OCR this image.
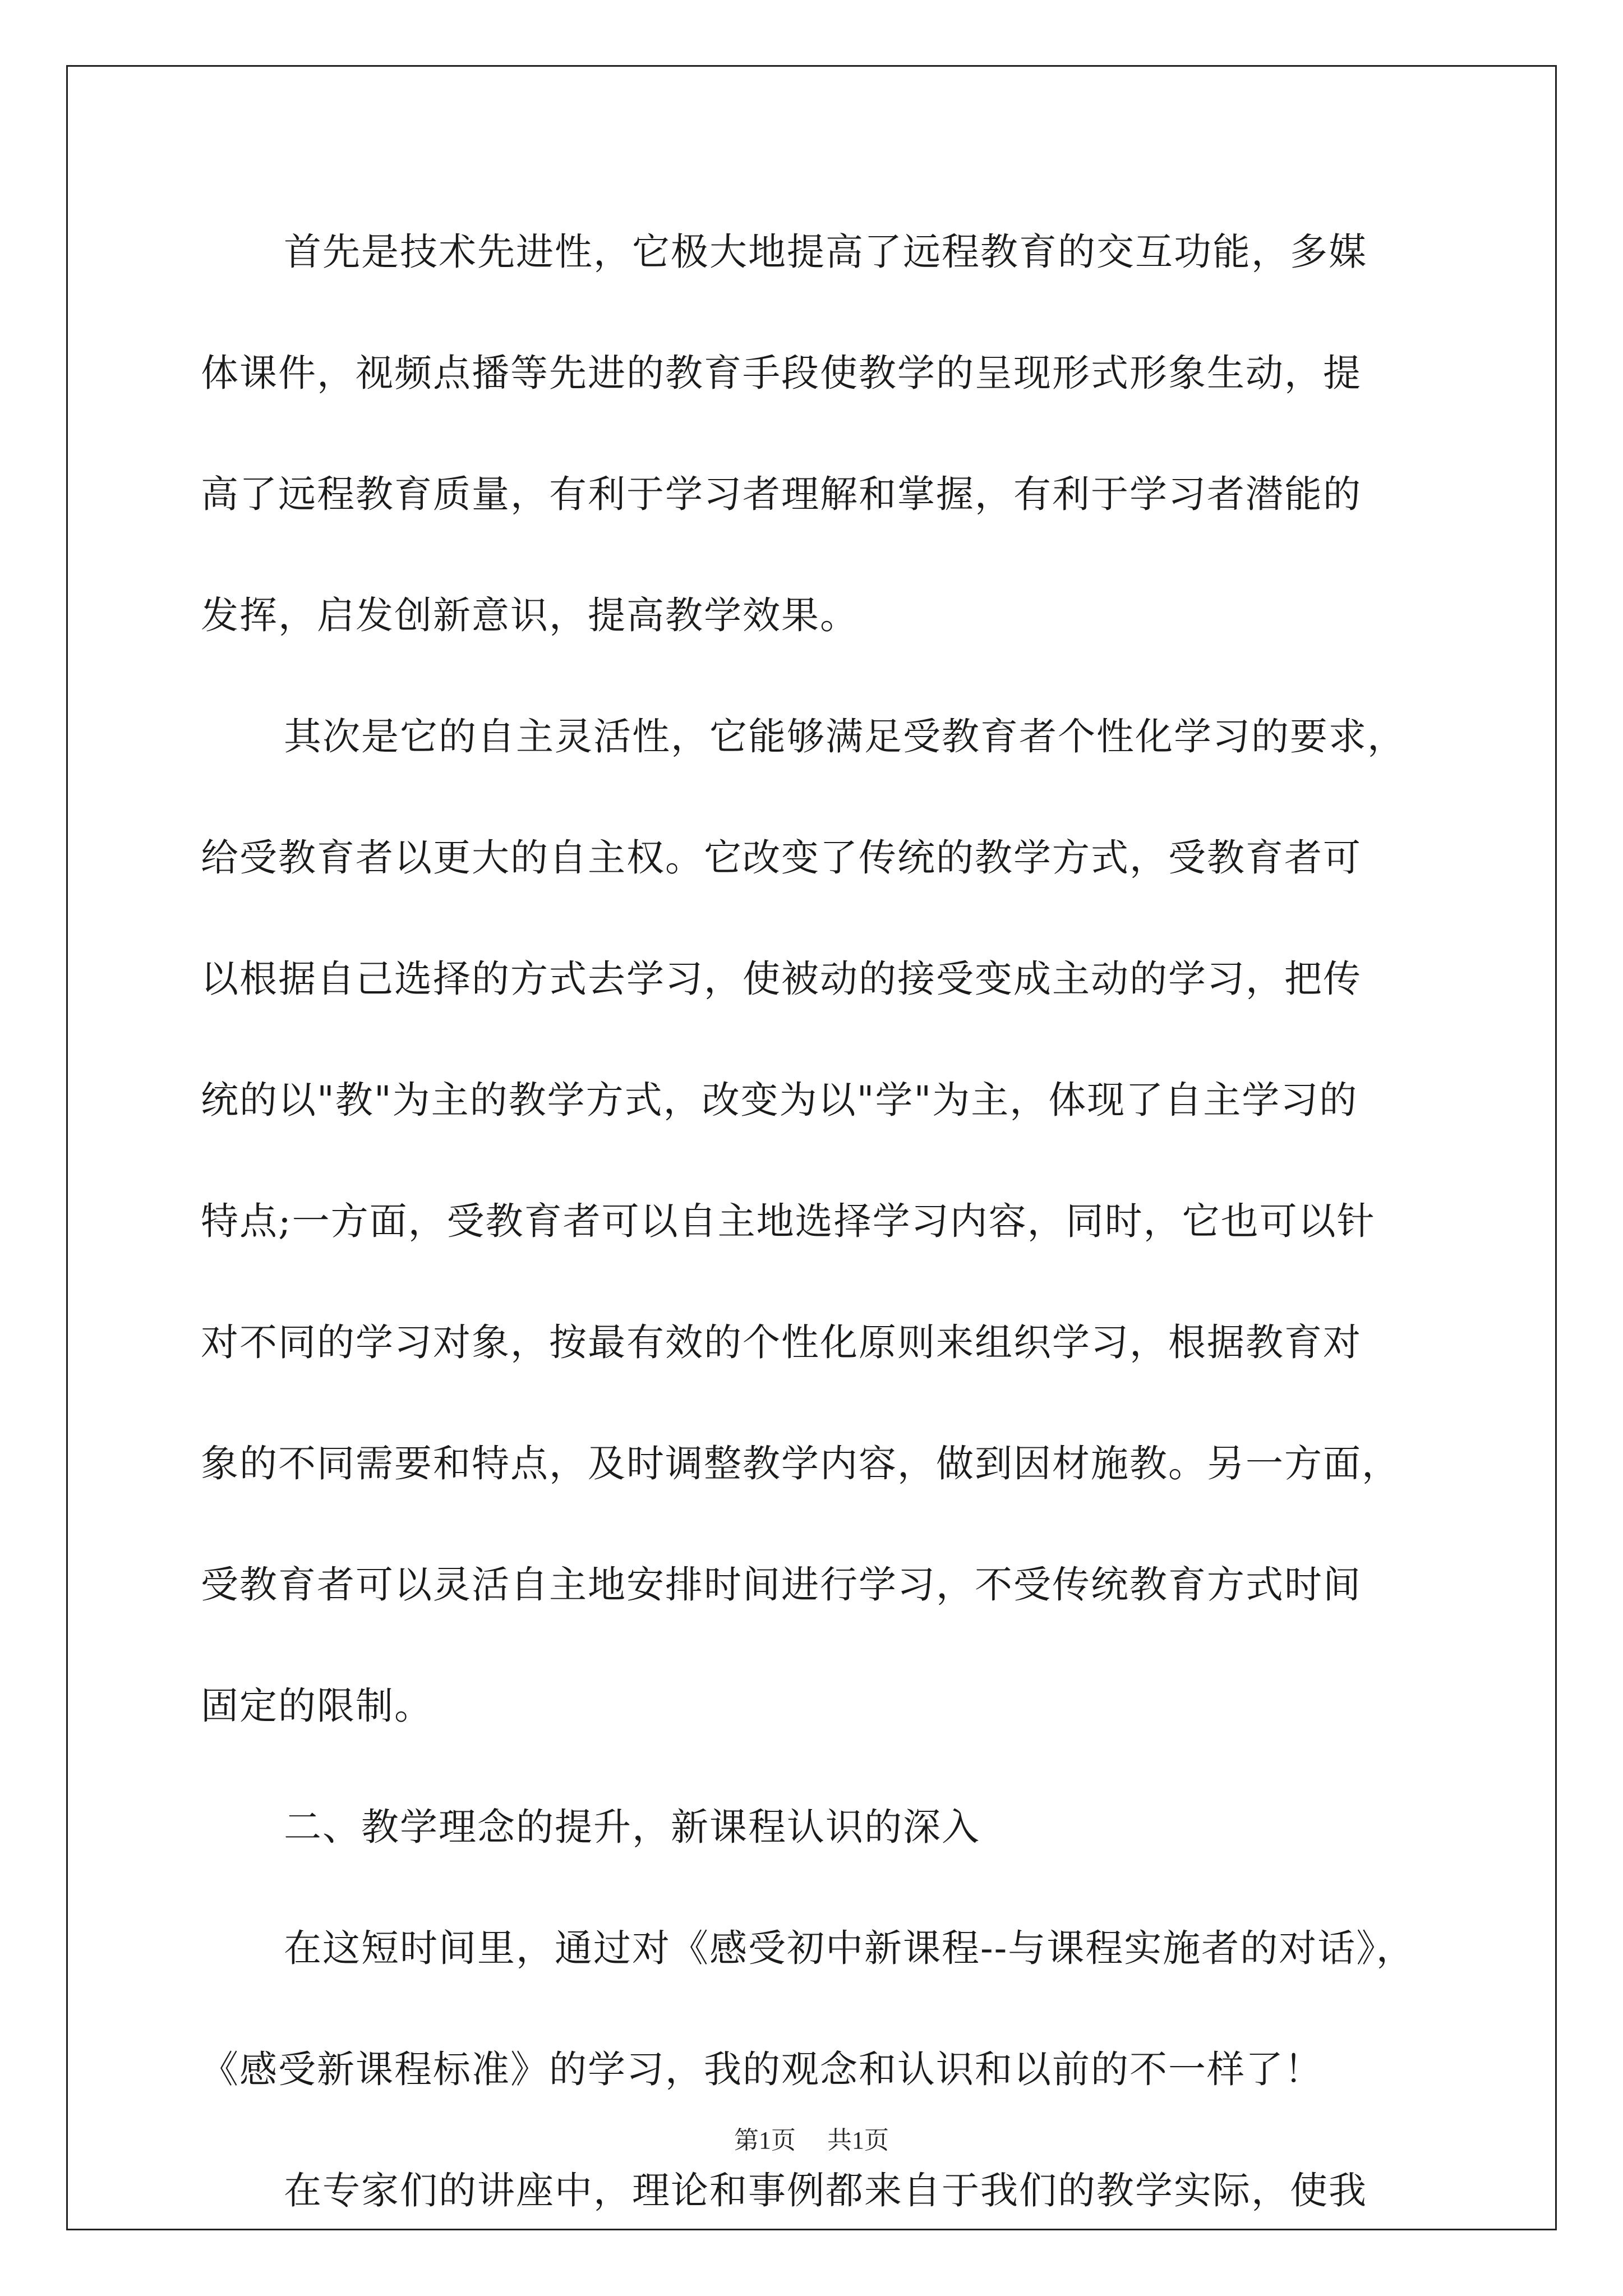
首先是技术先进性，它极大地提高了远程教育的交互功能，多媒
体课件，视频点播等先进的教育手段使教学的呈现形式形象生动，提
高了远程教育质量，有利于学习者理解和掌握，有利于学习者潜能的
发挥，启发创新意识，提高教学效果。
其次是它的自主灵活性，它能够满足受教育者个性化学习的要求，
给受教育者以更大的自主权。它改变了传统的教学方式，受教育者可
以根据自己选择的方式去学习，使被动的接受变成主动的学习，把传
统的以"教"为主的教学方式，改变为以"学"为主，体现了自主学习的
特点;一方面，受教育者可以自主地选择学习内容，同时，它也可以针
对不同的学习对象，按最有效的个性化原则来组织学习，根据教育对
象的不同需要和特点，及时调整教学内容，做到因材施教。另一方面，
受教育者可以灵活自主地安排时间进行学习，不受传统教育方式时间
固定的限制。
二、教学理念的提升，新课程认识的深入
在这短时间里，通过对《感受初中新课程--与课程实施者的对话》，
《感受新课程标准》的学习，我的观念和认识和以前的不一样了！
在专家们的讲座中，理论和事例都来自于我们的教学实际，使我
第1页 共1页
